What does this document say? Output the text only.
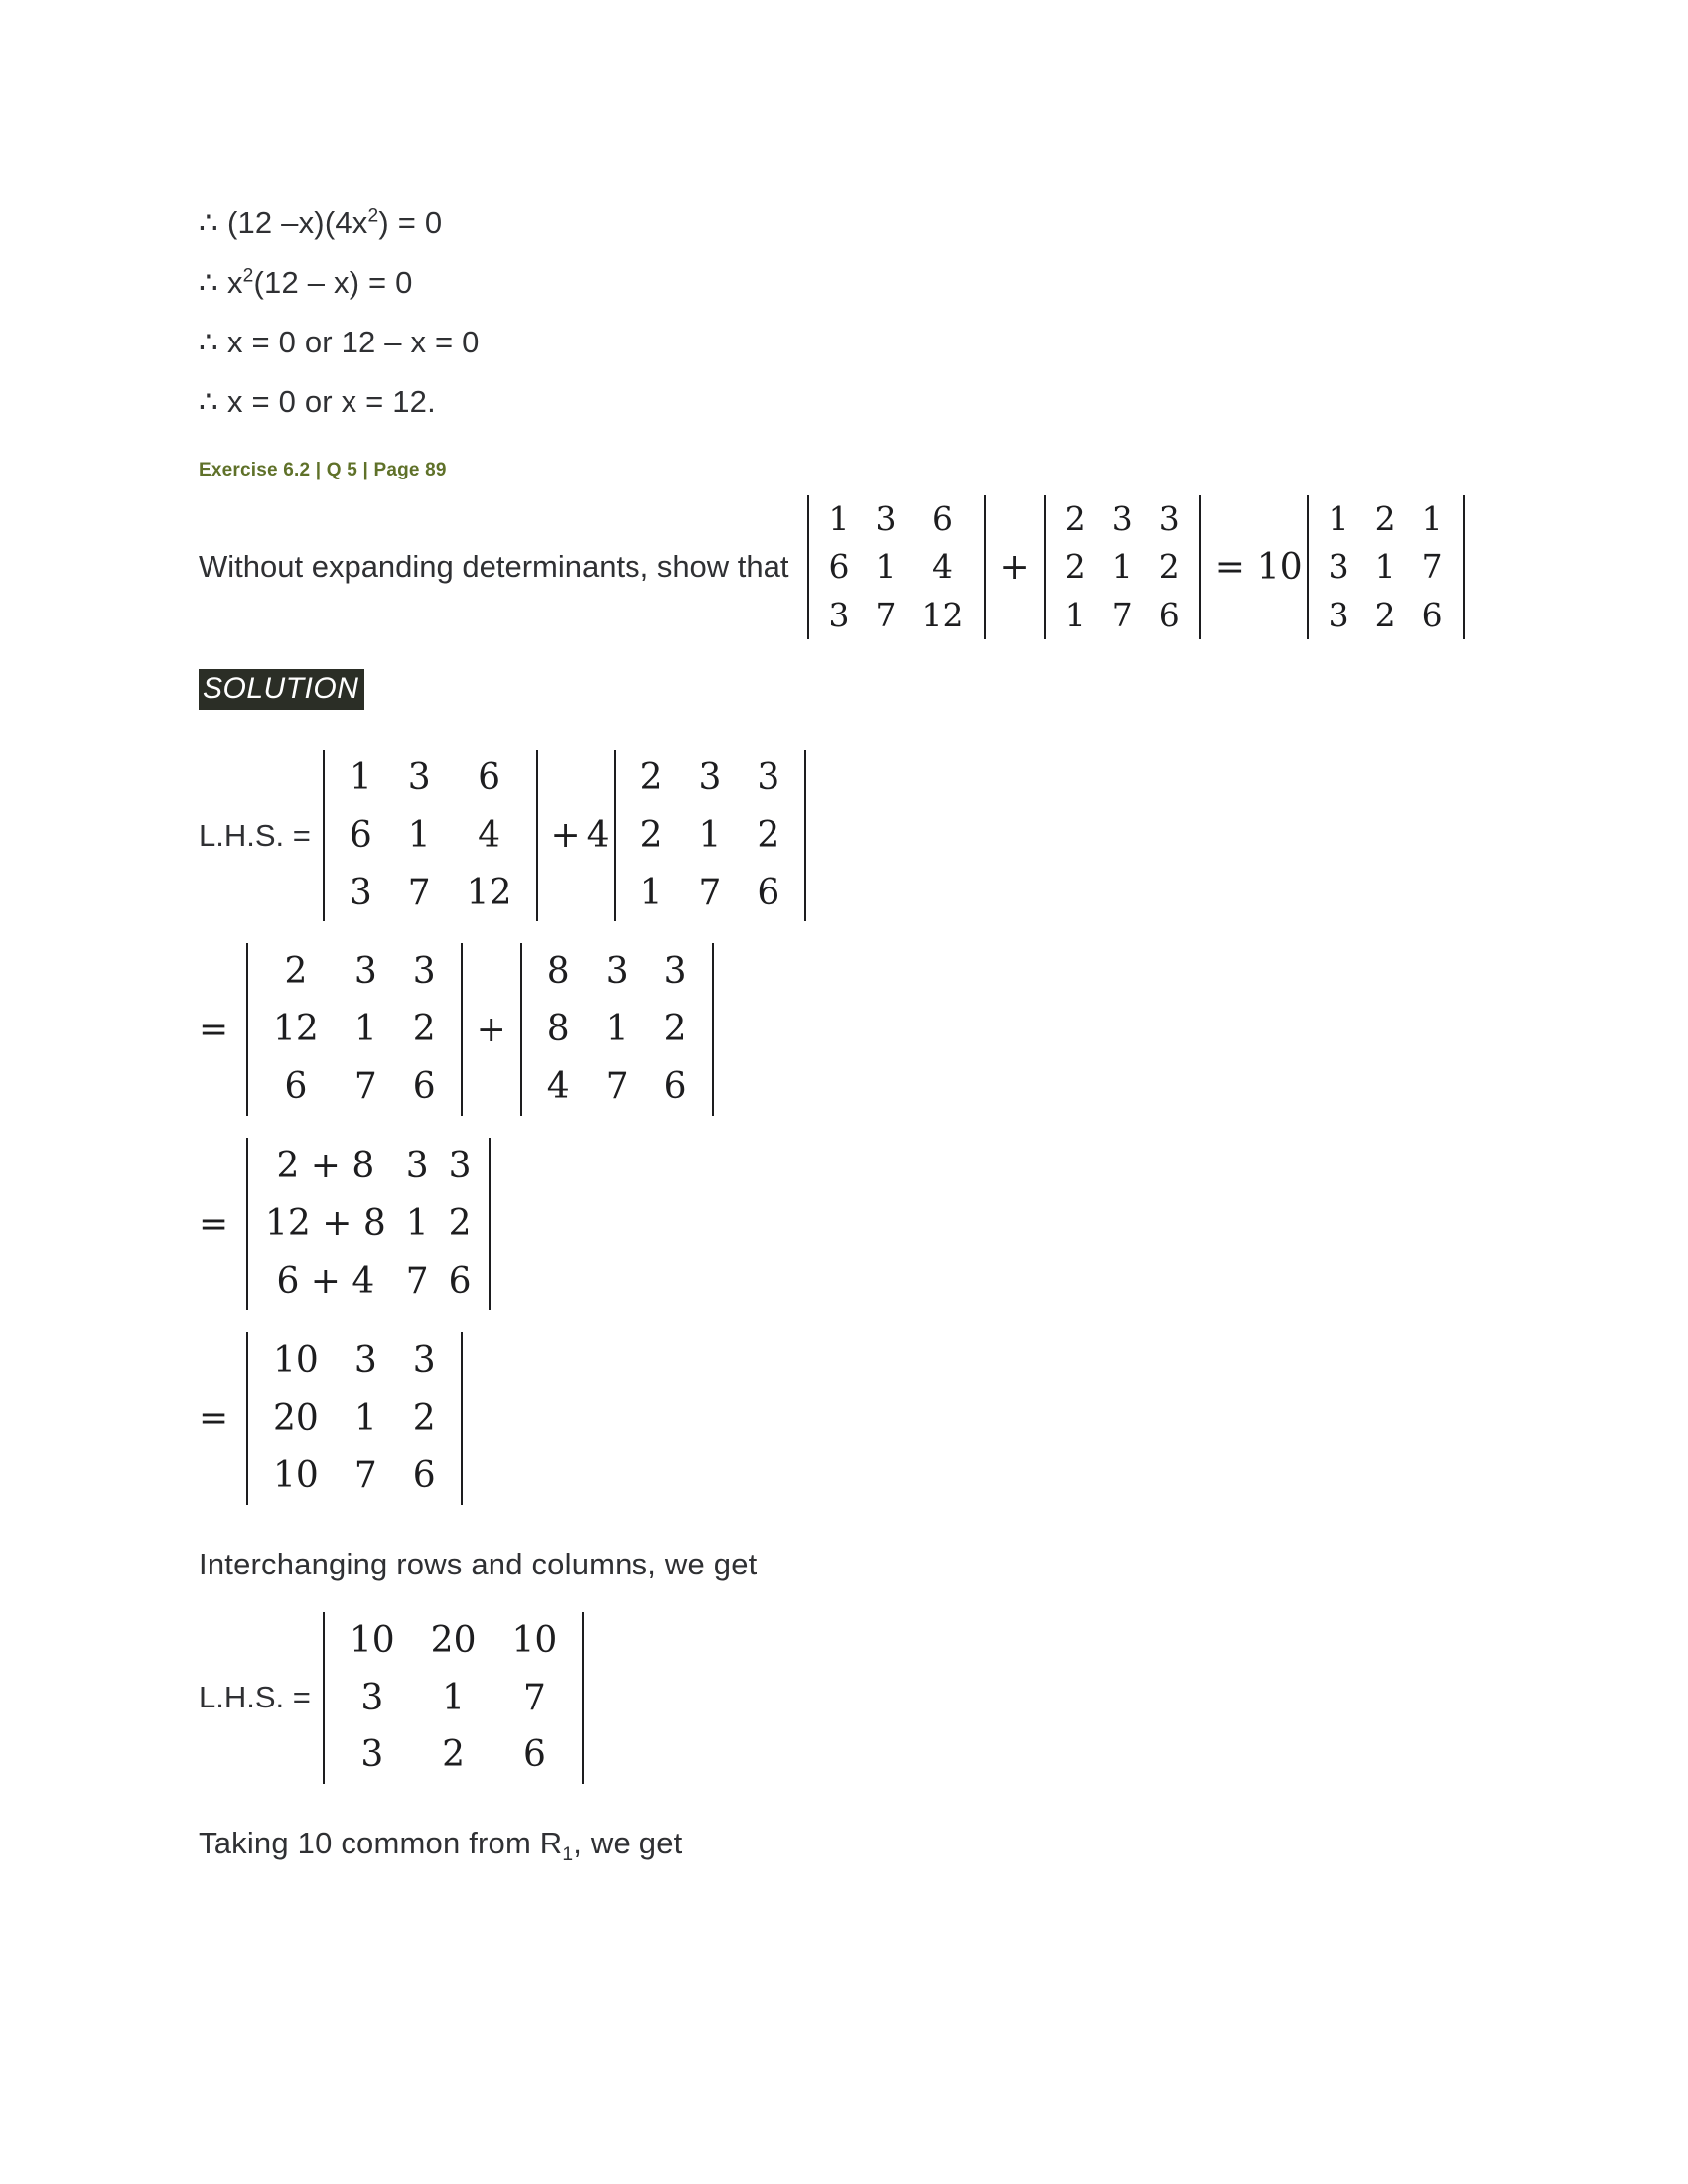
∴ (12 $-x)(4x^2) = 0$
∴ $x^2(12 - x) = 0$
∴ x = 0 or 12 – x = 0
∴ x = 0 or x = 12.
Exercise 6.2 | Q 5 | Page 89
Without expanding determinants, show that
1	3	6
6	1	4
3	7	12
+
2	3	3
2	1	2
1	7	6
= 10
1	2	1
3	1	7
3	2	6
SOLUTION
L.H.S. =
1	3	6
6	1	4
3	7	12
+ 4
2	3	3
2	1	2
1	7	6
=
2	3	3
12	1	2
6	7	6
+
8	3	3
8	1	2
4	7	6
=
2 + 8	3	3
12 + 8	1	2
6 + 4	7	6
=
10	3	3
20	1	2
10	7	6
Interchanging rows and columns, we get
L.H.S. =
10	20	10
3	1	7
3	2	6
Taking 10 common from $R_1$, we get
